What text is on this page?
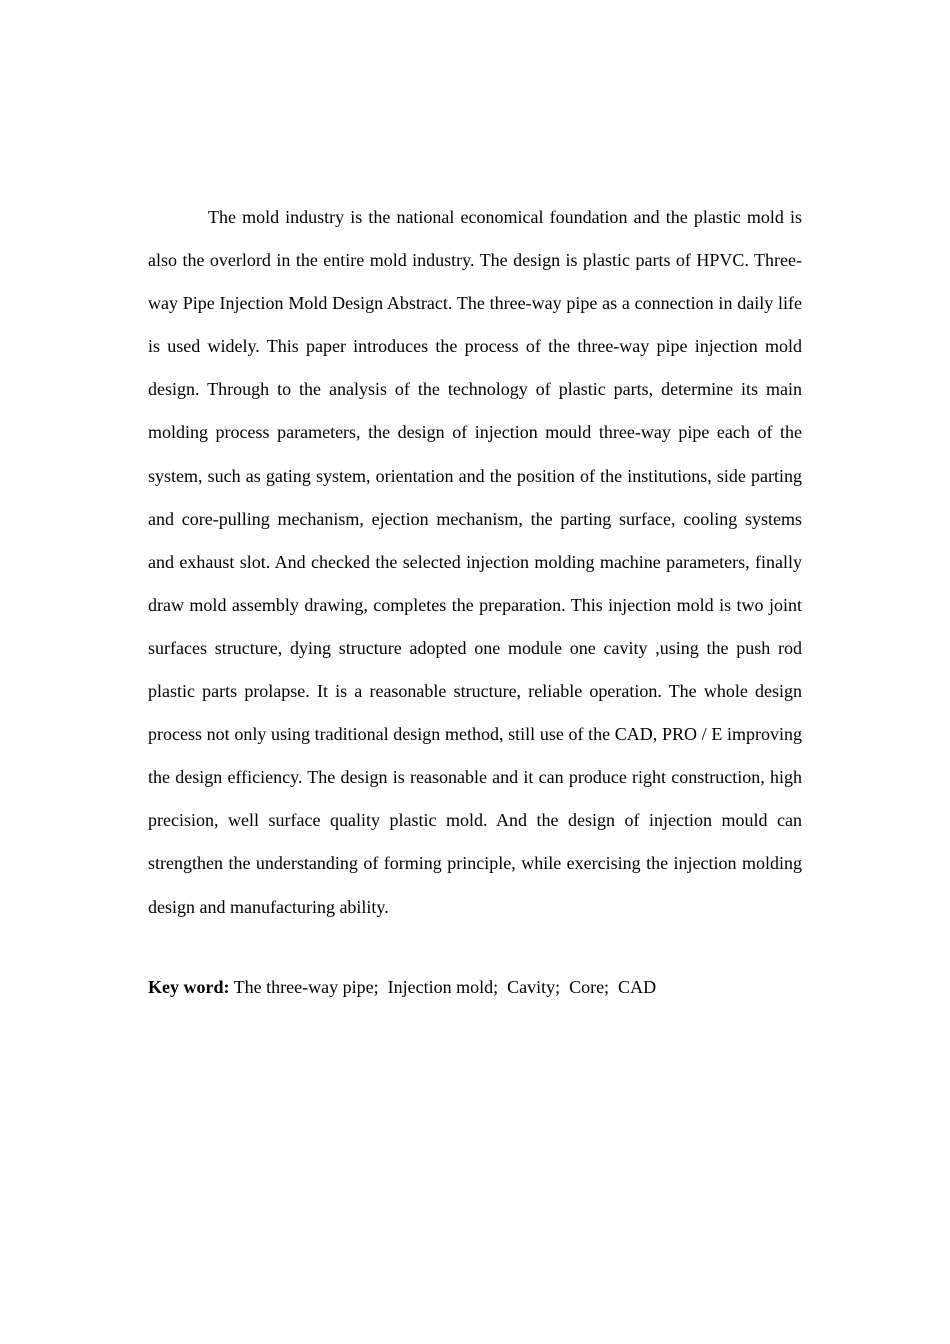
The mold industry is the national economical foundation and the plastic mold is also the overlord in the entire mold industry. The design is plastic parts of HPVC. Three-way Pipe Injection Mold Design Abstract. The three-way pipe as a connection in daily life is used widely. This paper introduces the process of the three-way pipe injection mold design. Through to the analysis of the technology of plastic parts, determine its main molding process parameters, the design of injection mould three-way pipe each of the system, such as gating system, orientation and the position of the institutions, side parting and core-pulling mechanism, ejection mechanism, the parting surface, cooling systems and exhaust slot. And checked the selected injection molding machine parameters, finally draw mold assembly drawing, completes the preparation. This injection mold is two joint surfaces structure, dying structure adopted one module one cavity ,using the push rod plastic parts prolapse. It is a reasonable structure, reliable operation. The whole design process not only using traditional design method, still use of the CAD, PRO / E improving the design efficiency. The design is reasonable and it can produce right construction, high precision, well surface quality plastic mold. And the design of injection mould can strengthen the understanding of forming principle, while exercising the injection molding design and manufacturing ability.

Key word: The three-way pipe;  Injection mold;  Cavity;  Core;  CAD
